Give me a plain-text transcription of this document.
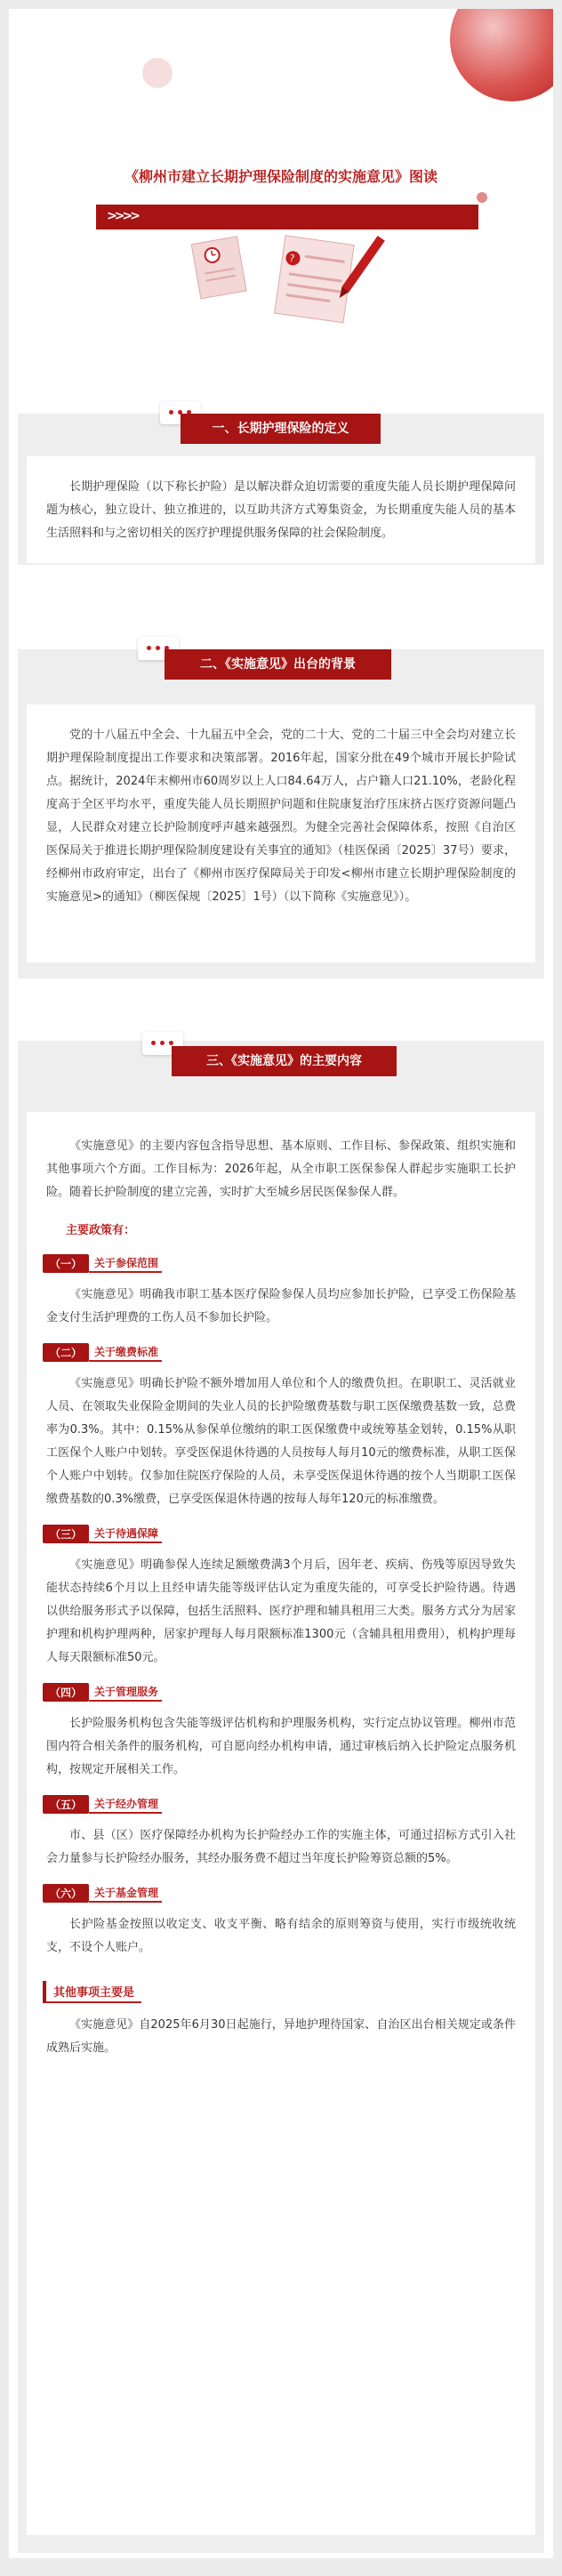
《柳州市建立长期护理保险制度的实施意见》图读
>>>>
?
一、长期护理保险的定义

长期护理保险（以下称长护险）是以解决群众迫切需要的重度失能人员长期护理保障问题为核心，独立设计、独立推进的，以互助共济方式筹集资金，为长期重度失能人员的基本生活照料和与之密切相关的医疗护理提供服务保障的社会保险制度。

二、《实施意见》出台的背景

党的十八届五中全会、十九届五中全会，党的二十大、党的二十届三中全会均对建立长期护理保险制度提出工作要求和决策部署。2016年起，国家分批在49个城市开展长护险试点。据统计，2024年末柳州市60周岁以上人口84.64万人，占户籍人口21.10%，老龄化程度高于全区平均水平，重度失能人员长期照护问题和住院康复治疗压床挤占医疗资源问题凸显，人民群众对建立长护险制度呼声越来越强烈。为健全完善社会保障体系，按照《自治区医保局关于推进长期护理保险制度建设有关事宜的通知》（桂医保函〔2025〕37号）要求，经柳州市政府审定，出台了《柳州市医疗保障局关于印发<柳州市建立长期护理保险制度的实施意见>的通知》（柳医保规〔2025〕1号）（以下简称《实施意见》）。

三、《实施意见》的主要内容

《实施意见》的主要内容包含指导思想、基本原则、工作目标、参保政策、组织实施和其他事项六个方面。工作目标为：2026年起，从全市职工医保参保人群起步实施职工长护险。随着长护险制度的建立完善，实时扩大至城乡居民医保参保人群。

主要政策有：
（一）	关于参保范围

《实施意见》明确我市职工基本医疗保险参保人员均应参加长护险，已享受工伤保险基金支付生活护理费的工伤人员不参加长护险。

（二）	关于缴费标准

《实施意见》明确长护险不额外增加用人单位和个人的缴费负担。在职职工、灵活就业人员、在领取失业保险金期间的失业人员的长护险缴费基数与职工医保缴费基数一致，总费率为0.3%。其中：0.15%从参保单位缴纳的职工医保缴费中或统筹基金划转，0.15%从职工医保个人账户中划转。享受医保退休待遇的人员按每人每月10元的缴费标准，从职工医保个人账户中划转。仅参加住院医疗保险的人员，未享受医保退休待遇的按个人当期职工医保缴费基数的0.3%缴费，已享受医保退休待遇的按每人每年120元的标准缴费。

（三）	关于待遇保障

《实施意见》明确参保人连续足额缴费满3个月后，因年老、疾病、伤残等原因导致失能状态持续6个月以上且经申请失能等级评估认定为重度失能的，可享受长护险待遇。待遇以供给服务形式予以保障，包括生活照料、医疗护理和辅具租用三大类。服务方式分为居家护理和机构护理两种，居家护理每人每月限额标准1300元（含辅具租用费用），机构护理每人每天限额标准50元。

（四）	关于管理服务

长护险服务机构包含失能等级评估机构和护理服务机构，实行定点协议管理。柳州市范围内符合相关条件的服务机构，可自愿向经办机构申请，通过审核后纳入长护险定点服务机构，按规定开展相关工作。

（五）	关于经办管理

市、县（区）医疗保障经办机构为长护险经办工作的实施主体，可通过招标方式引入社会力量参与长护险经办服务，其经办服务费不超过当年度长护险筹资总额的5%。

（六）	关于基金管理

长护险基金按照以收定支、收支平衡、略有结余的原则筹资与使用，实行市级统收统支，不设个人账户。

其他事项主要是

《实施意见》自2025年6月30日起施行，异地护理待国家、自治区出台相关规定或条件成熟后实施。
